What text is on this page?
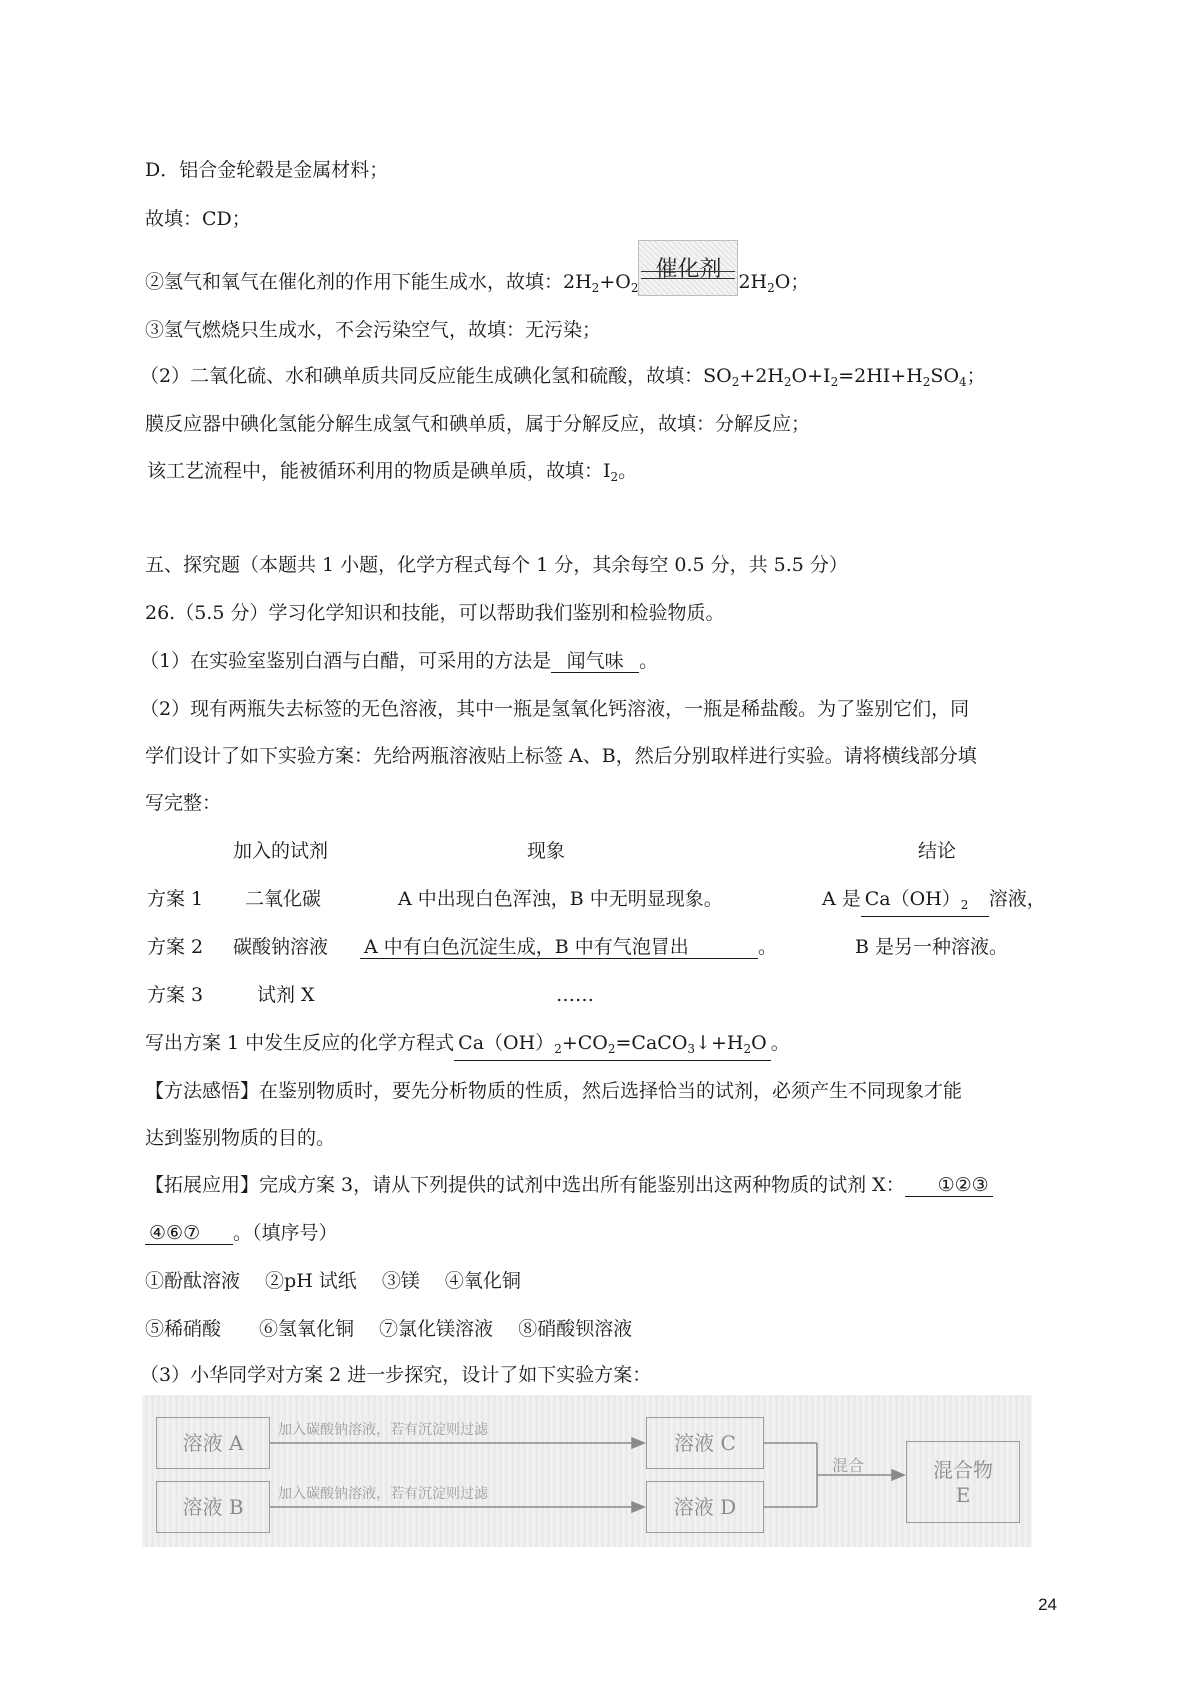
D．铝合金轮毂是金属材料；
故填：CD；
②氢气和氧气在催化剂的作用下能生成水，故填：$2H_2+O_2$
催化剂 $2H_2O$；
③氢气燃烧只生成水，不会污染空气，故填：无污染；
（2）二氧化硫、水和碘单质共同反应能生成碘化氢和硫酸，故填：$SO_2+2H_2O+I_2=2HI+H_2SO_4$；
膜反应器中碘化氢能分解生成氢气和碘单质，属于分解反应，故填：分解反应；
该工艺流程中，能被循环利用的物质是碘单质，故填：$I_2$。
五、探究题（本题共 1 小题，化学方程式每个 1 分，其余每空 0.5 分，共 5.5 分）
26.（5.5 分）学习化学知识和技能，可以帮助我们鉴别和检验物质。
（1）在实验室鉴别白酒与白醋，可采用的方法是 闻气味 。
（2）现有两瓶失去标签的无色溶液，其中一瓶是氢氧化钙溶液，一瓶是稀盐酸。为了鉴别它们，同
学们设计了如下实验方案：先给两瓶溶液贴上标签 A、B，然后分别取样进行实验。请将横线部分填
写完整：
加入的试剂	现象	结论
方案 1 二氧化碳	A 中出现白色浑浊，B 中无明显现象。	A 是 $Ca(OH)_2$ 溶液，
方案 2 碳酸钠溶液 A 中有白色沉淀生成，B 中有气泡冒出	。	B 是另一种溶液。
方案 3	试剂 X	……
写出方案 1 中发生反应的化学方程式 $Ca(OH)_2+CO_2=CaCO_3↓+H_2O$ 。
【方法感悟】在鉴别物质时，要先分析物质的性质，然后选择恰当的试剂，必须产生不同现象才能
达到鉴别物质的目的。
【拓展应用】完成方案 3，请从下列提供的试剂中选出所有能鉴别出这两种物质的试剂 X： ①②③
④⑥⑦ 。（填序号）
①酚酞溶液　 ②pH 试纸　 ③镁　 ④氧化铜
⑤稀硝酸　　⑥氢氧化铜　 ⑦氯化镁溶液　 ⑧硝酸钡溶液
（3）小华同学对方案 2 进一步探究，设计了如下实验方案：
溶液 A
溶液 B
溶液 C
溶液 D
混合物
E
加入碳酸钠溶液，若有沉淀则过滤
加入碳酸钠溶液，若有沉淀则过滤
混合
24
